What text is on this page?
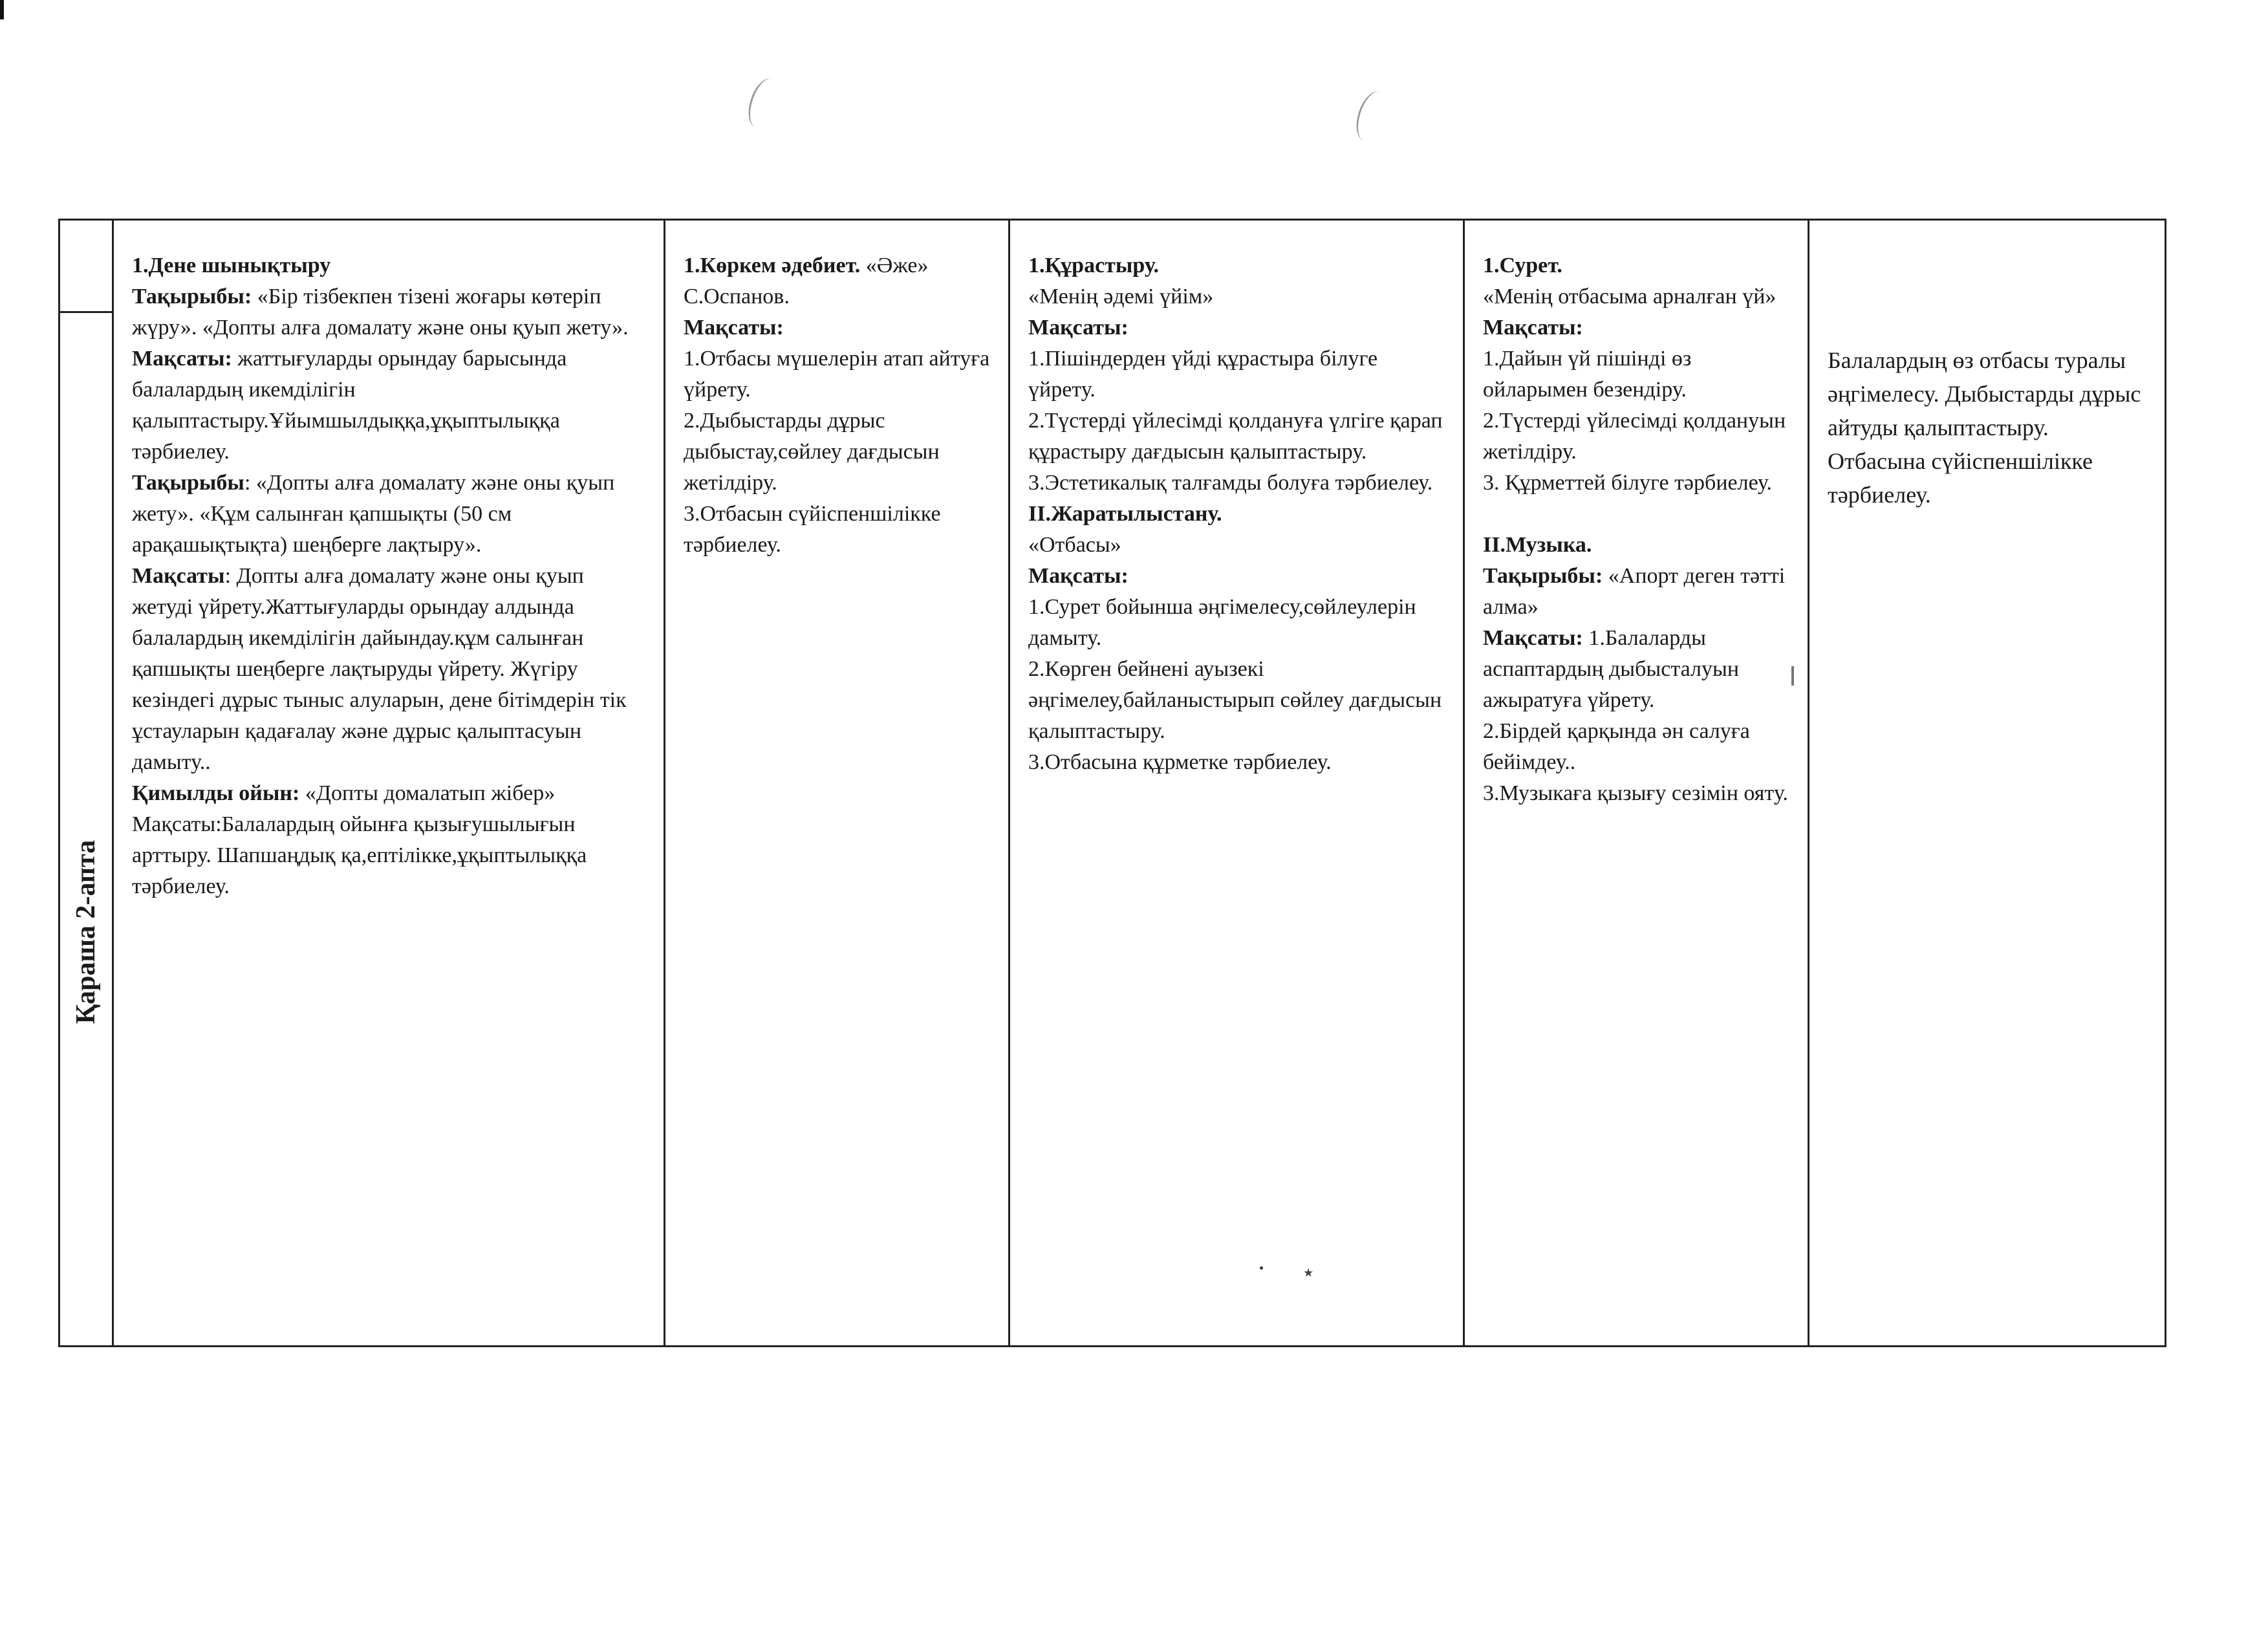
٭
Қараша 2-апта

1.Дене шынықтыру
Тақырыбы: «Бір тізбекпен тізені жоғары көтеріп жүру». «Допты алға домалату және оны қуып жету».
Мақсаты: жаттығуларды орындау барысында балалардың икемділігін қалыптастыру.Ұйымшылдыққа,ұқыптылыққа тәрбиелеу.
Тақырыбы: «Допты алға домалату және оны қуып жету». «Құм салынған қапшықты (50 см арақашықтықта) шеңберге лақтыру».
Мақсаты: Допты алға домалату және оны қуып жетуді үйрету.Жаттығуларды орындау алдында балалардың икемділігін дайындау.құм салынған қапшықты шеңберге лақтыруды үйрету. Жүгіру кезіндегі дұрыс тыныс алуларын, дене бітімдерін тік ұстауларын қадағалау және дұрыс қалыптасуын дамыту..
Қимылды ойын: «Допты домалатып жібер» Мақсаты:Балалардың ойынға қызығушылығын арттыру. Шапшаңдық қа,ептілікке,ұқыптылыққа тәрбиелеу.

1.Көркем әдебиет. «Әже» С.Оспанов.
Мақсаты:
1.Отбасы мүшелерін атап айтуға үйрету.
2.Дыбыстарды дұрыс дыбыстау,сөйлеу дағдысын жетілдіру.
3.Отбасын сүйіспеншілікке тәрбиелеу.

1.Құрастыру.
«Менің әдемі үйім»
Мақсаты:
1.Пішіндерден үйді құрастыра білуге үйрету.
2.Түстерді үйлесімді қолдануға үлгіге қарап құрастыру дағдысын қалыптастыру.
3.Эстетикалық талғамды болуға тәрбиелеу.
II.Жаратылыстану.
«Отбасы»
Мақсаты:
1.Сурет бойынша әңгімелесу,сөйлеулерін дамыту.
2.Көрген бейнені ауызекі әңгімелеу,байланыстырып сөйлеу дағдысын қалыптастыру.
3.Отбасына құрметке тәрбиелеу.

1.Сурет.
«Менің отбасыма арналған үй»
Мақсаты:
1.Дайын үй пішінді өз ойларымен безендіру.
2.Түстерді үйлесімді қолдануын жетілдіру.
3. Құрметтей білуге тәрбиелеу.

II.Музыка.
Тақырыбы: «Апорт деген тәтті алма»
Мақсаты: 1.Балаларды аспаптардың дыбысталуын ажыратуға үйрету.
2.Бірдей қарқында ән салуға бейімдеу..
3.Музыкаға қызығу сезімін ояту.

Балалардың өз отбасы туралы әңгімелесу. Дыбыстарды дұрыс айтуды қалыптастыру. Отбасына сүйіспеншілікке тәрбиелеу.
